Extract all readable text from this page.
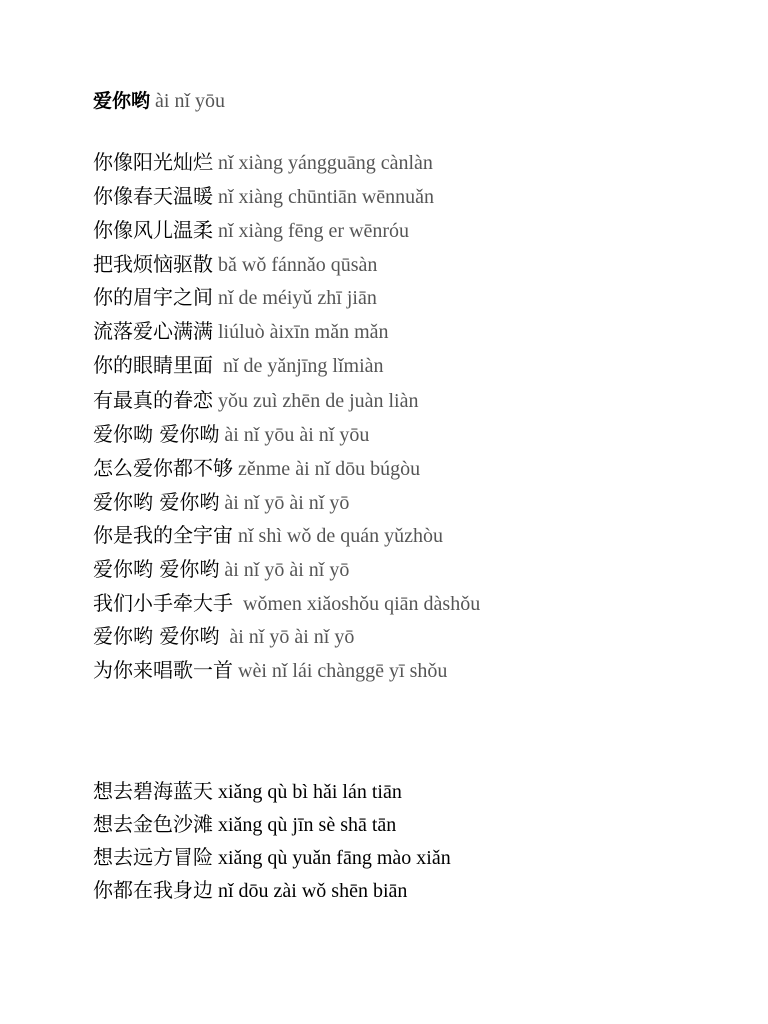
爱你哟 ài nǐ yōu
你像阳光灿烂 nǐ xiàng yángguāng cànlàn
你像春天温暖 nǐ xiàng chūntiān wēnnuǎn
你像风儿温柔 nǐ xiàng fēng er wēnróu
把我烦恼驱散 bǎ wǒ fánnǎo qūsàn
你的眉宇之间 nǐ de méiyǔ zhī jiān
流落爱心满满 liúluò àixīn mǎn mǎn
你的眼睛里面 nǐ de yǎnjīng lǐmiàn
有最真的眷恋 yǒu zuì zhēn de juàn liàn
爱你呦 爱你呦 ài nǐ yōu ài nǐ yōu
怎么爱你都不够 zěnme ài nǐ dōu búgòu
爱你哟 爱你哟 ài nǐ yō ài nǐ yō
你是我的全宇宙 nǐ shì wǒ de quán yǔzhòu
爱你哟 爱你哟 ài nǐ yō ài nǐ yō
我们小手牵大手 wǒmen xiǎoshǒu qiān dàshǒu
爱你哟 爱你哟 ài nǐ yō ài nǐ yō
为你来唱歌一首 wèi nǐ lái chànggē yī shǒu
想去碧海蓝天 xiǎng qù bì hǎi lán tiān
想去金色沙滩 xiǎng qù jīn sè shā tān
想去远方冒险 xiǎng qù yuǎn fāng mào xiǎn
你都在我身边 nǐ dōu zài wǒ shēn biān
